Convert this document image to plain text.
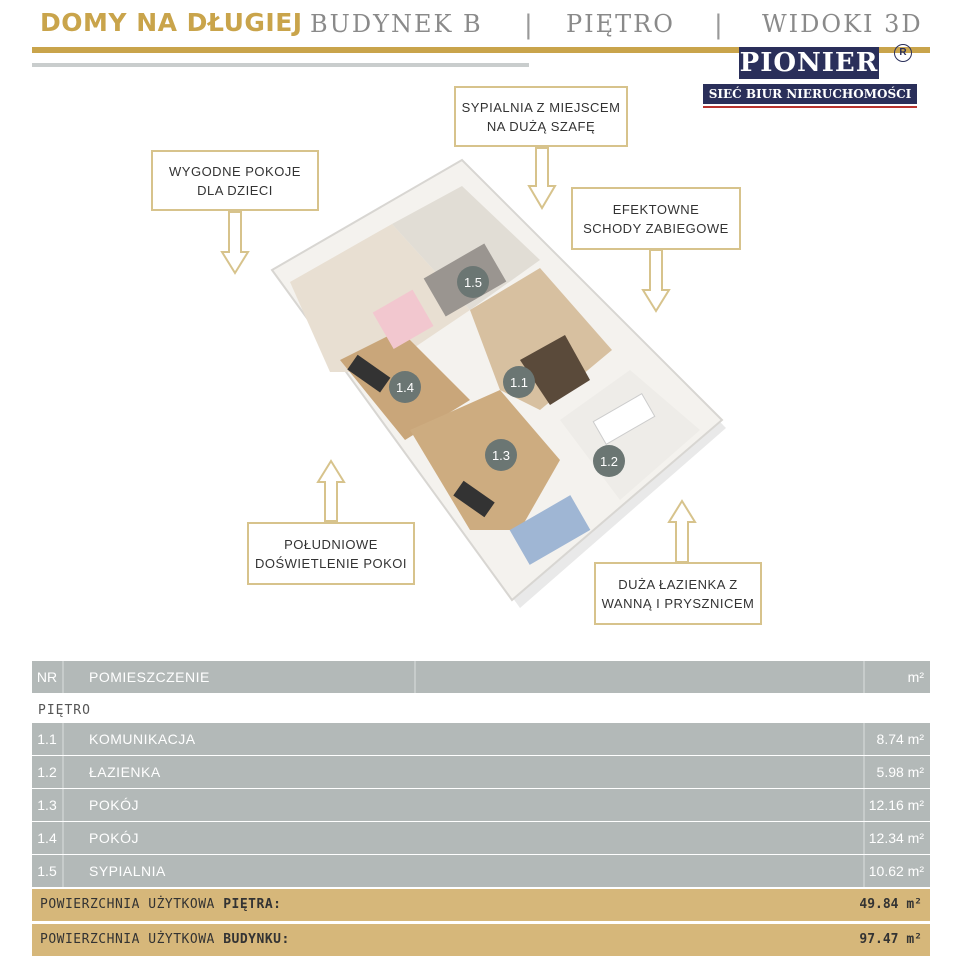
DOMY NA DŁUGIEJ BUDYNEK B | PIĘTRO | WIDOKI 3D
PIONIER	R
SIEĆ BIUR NIERUCHOMOŚCI
1.5
1.1
1.4
1.3	1.2
WYGODNE POKOJE
DLA DZIECI
SYPIALNIA Z MIEJSCEM
NA DUŻĄ SZAFĘ
EFEKTOWNE
SCHODY ZABIEGOWE
POŁUDNIOWE
DOŚWIETLENIE POKOI
DUŻA ŁAZIENKA Z
WANNĄ I PRYSZNICEM
NR	POMIESZCZENIE	m²
PIĘTRO
1.1	KOMUNIKACJA	8.74 m²
1.2	ŁAZIENKA	5.98 m²
1.3	POKÓJ	12.16 m²
1.4	POKÓJ	12.34 m²
1.5	SYPIALNIA	10.62 m²
POWIERZCHNIA UŻYTKOWA PIĘTRA:	49.84 m²
POWIERZCHNIA UŻYTKOWA BUDYNKU:	97.47 m²
